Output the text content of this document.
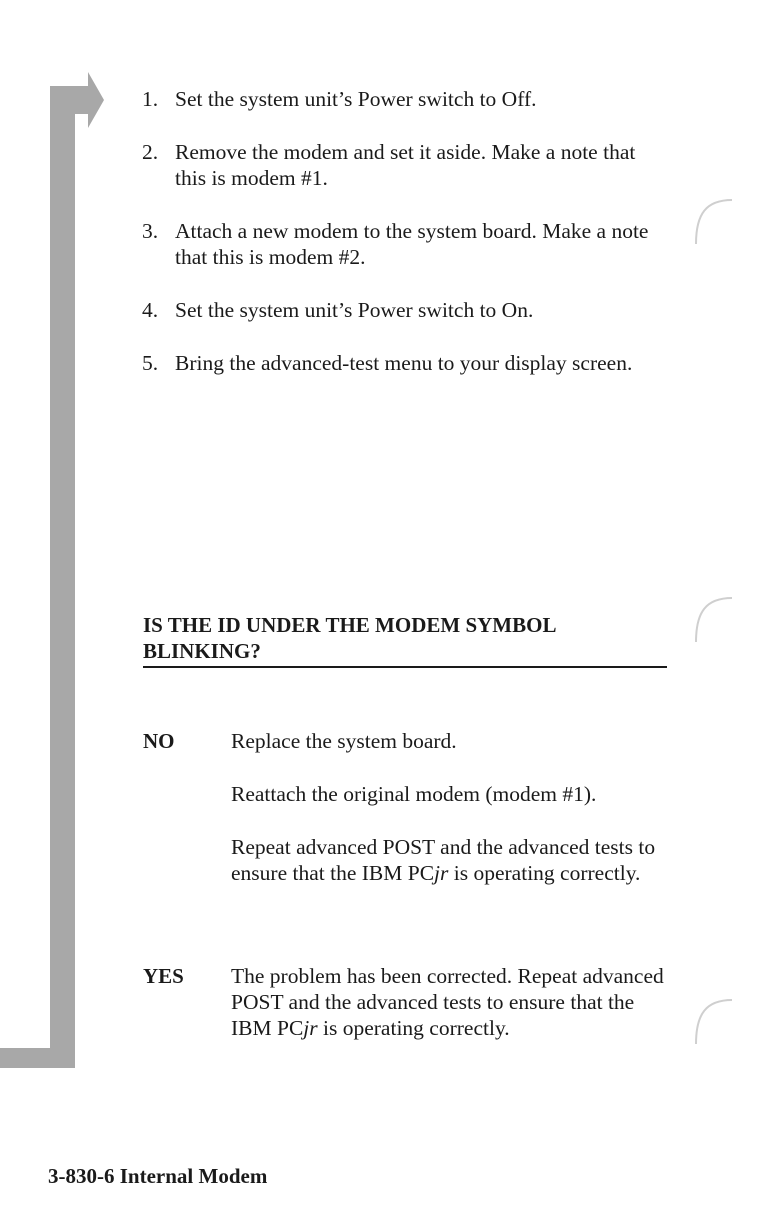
1. Set the system unit’s Power switch to Off.
2. Remove the modem and set it aside. Make a note that this is modem #1.
3. Attach a new modem to the system board. Make a note that this is modem #2.
4. Set the system unit’s Power switch to On.
5. Bring the advanced-test menu to your display screen.
IS THE ID UNDER THE MODEM SYMBOL BLINKING?
NO	Replace the system board.

Reattach the original modem (modem #1).

Repeat advanced POST and the advanced tests to ensure that the IBM PCjr is operating correctly.

YES The problem has been corrected. Repeat advanced POST and the advanced tests to ensure that the IBM PCjr is operating correctly.

3-830-6 Internal Modem
